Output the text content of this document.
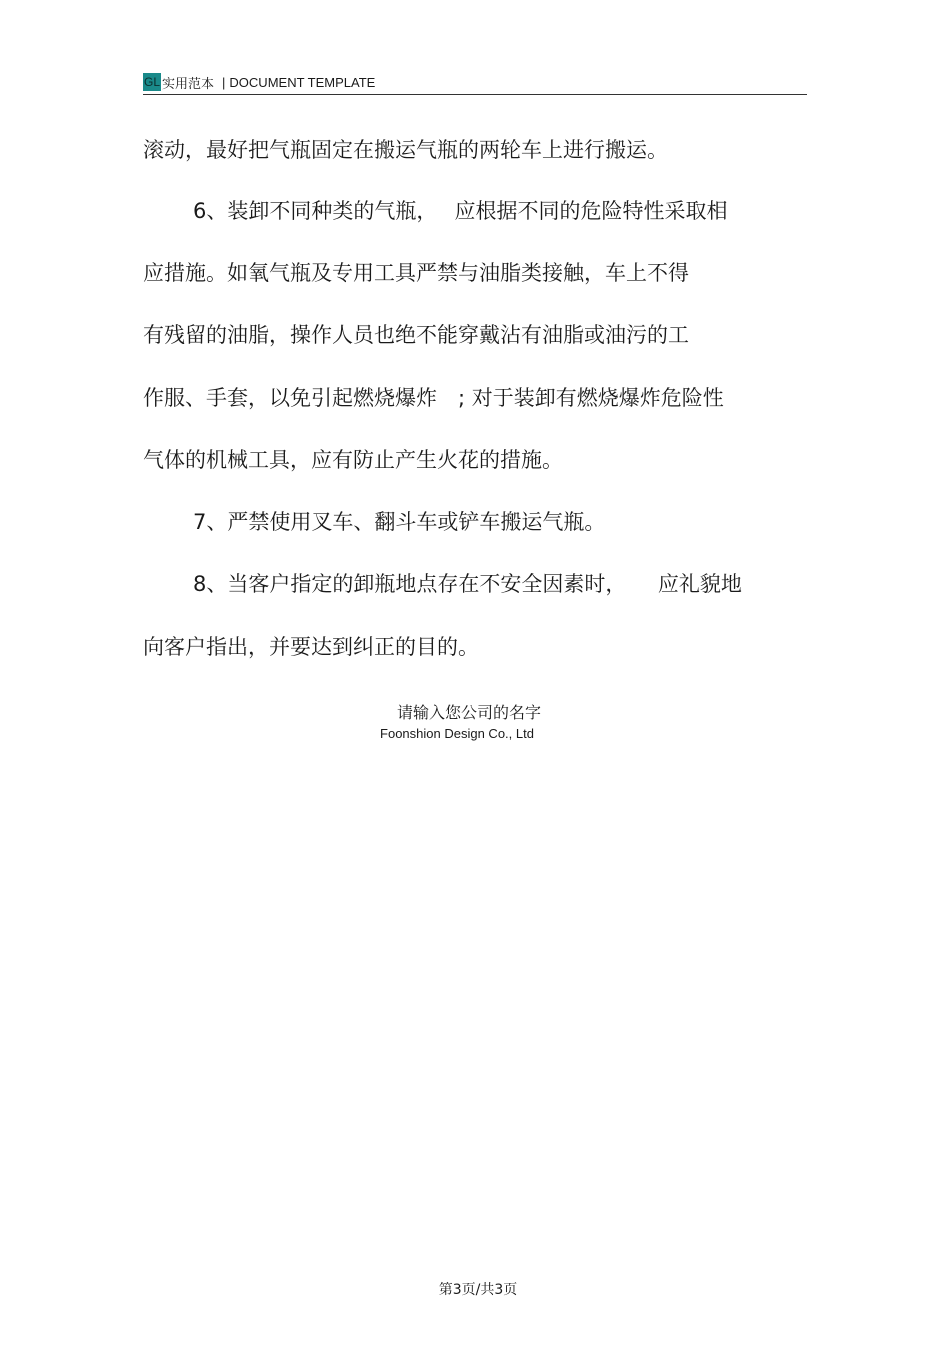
GL 实用范本 | DOCUMENT TEMPLATE
滚动，最好把气瓶固定在搬运气瓶的两轮车上进行搬运。
6、装卸不同种类的气瓶，　 应根据不同的危险特性采取相
应措施。如氧气瓶及专用工具严禁与油脂类接触，车上不得
有残留的油脂，操作人员也绝不能穿戴沾有油脂或油污的工
作服、手套，以免引起燃烧爆炸　; 对于装卸有燃烧爆炸危险性
气体的机械工具，应有防止产生火花的措施。
7、严禁使用叉车、翻斗车或铲车搬运气瓶。
8、当客户指定的卸瓶地点存在不安全因素时，　　应礼貌地
向客户指出，并要达到纠正的目的。
请输入您公司的名字
Foonshion Design Co., Ltd
第3页/共3页
